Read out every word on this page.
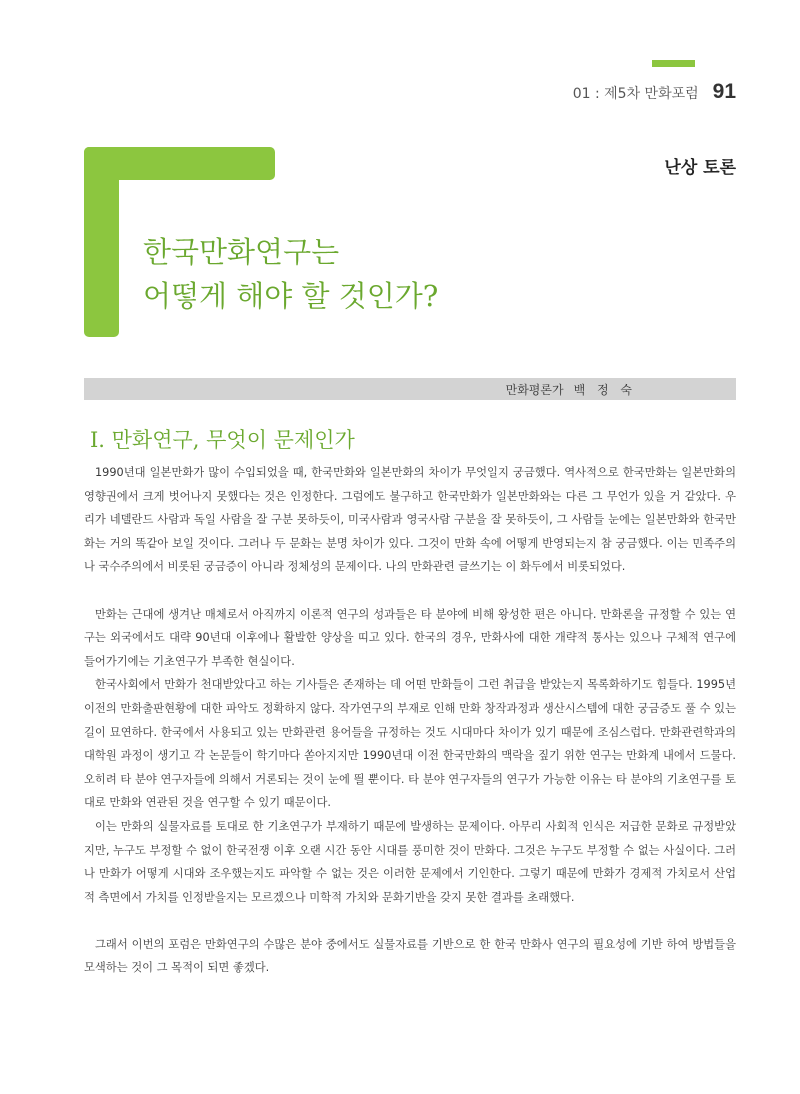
01 : 제5차 만화포럼 91
난상 토론
한국만화연구는
어떻게 해야 할 것인가?
만화평론가 백 정 숙
Ⅰ. 만화연구, 무엇이 문제인가

1990년대 일본만화가 많이 수입되었을 때, 한국만화와 일본만화의 차이가 무엇일지 궁금했다. 역사적으로 한국만화는 일본만화의 영향권에서 크게 벗어나지 못했다는 것은 인정한다. 그럼에도 불구하고 한국만화가 일본만화와는 다른 그 무언가 있을 거 같았다. 우리가 네델란드 사람과 독일 사람을 잘 구분 못하듯이, 미국사람과 영국사람 구분을 잘 못하듯이, 그 사람들 눈에는 일본만화와 한국만화는 거의 똑같아 보일 것이다. 그러나 두 문화는 분명 차이가 있다. 그것이 만화 속에 어떻게 반영되는지 참 궁금했다. 이는 민족주의나 국수주의에서 비롯된 궁금증이 아니라 정체성의 문제이다. 나의 만화관련 글쓰기는 이 화두에서 비롯되었다.

만화는 근대에 생겨난 매체로서 아직까지 이론적 연구의 성과들은 타 분야에 비해 왕성한 편은 아니다. 만화론을 규정할 수 있는 연구는 외국에서도 대략 90년대 이후에나 활발한 양상을 띠고 있다. 한국의 경우, 만화사에 대한 개략적 통사는 있으나 구체적 연구에 들어가기에는 기초연구가 부족한 현실이다.

한국사회에서 만화가 천대받았다고 하는 기사들은 존재하는 데 어떤 만화들이 그런 취급을 받았는지 목록화하기도 힘들다. 1995년 이전의 만화출판현황에 대한 파악도 정확하지 않다. 작가연구의 부재로 인해 만화 창작과정과 생산시스템에 대한 궁금증도 풀 수 있는 길이 묘연하다. 한국에서 사용되고 있는 만화관련 용어들을 규정하는 것도 시대마다 차이가 있기 때문에 조심스럽다. 만화관련학과의 대학원 과정이 생기고 각 논문들이 학기마다 쏟아지지만 1990년대 이전 한국만화의 맥락을 짚기 위한 연구는 만화계 내에서 드물다. 오히려 타 분야 연구자들에 의해서 거론되는 것이 눈에 띌 뿐이다. 타 분야 연구자들의 연구가 가능한 이유는 타 분야의 기초연구를 토대로 만화와 연관된 것을 연구할 수 있기 때문이다.

이는 만화의 실물자료를 토대로 한 기초연구가 부재하기 때문에 발생하는 문제이다. 아무리 사회적 인식은 저급한 문화로 규정받았지만, 누구도 부정할 수 없이 한국전쟁 이후 오랜 시간 동안 시대를 풍미한 것이 만화다. 그것은 누구도 부정할 수 없는 사실이다. 그러나 만화가 어떻게 시대와 조우했는지도 파악할 수 없는 것은 이러한 문제에서 기인한다. 그렇기 때문에 만화가 경제적 가치로서 산업적 측면에서 가치를 인정받을지는 모르겠으나 미학적 가치와 문화기반을 갖지 못한 결과를 초래했다.

그래서 이번의 포럼은 만화연구의 수많은 분야 중에서도 실물자료를 기반으로 한 한국 만화사 연구의 필요성에 기반 하여 방법들을 모색하는 것이 그 목적이 되면 좋겠다.
